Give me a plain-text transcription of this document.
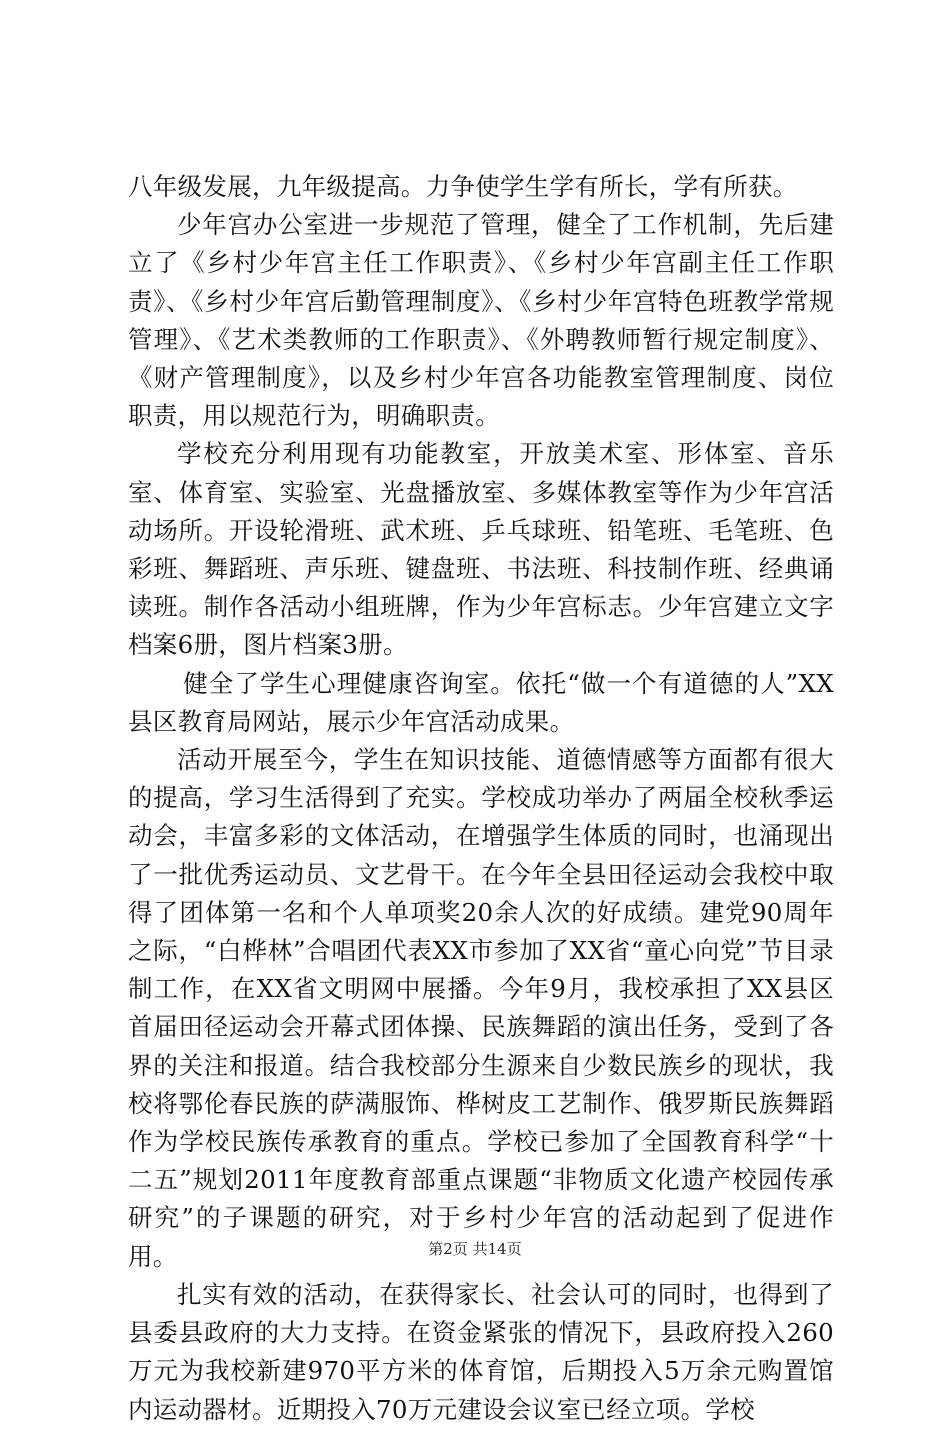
八年级发展，九年级提高。力争使学生学有所长，学有所获。

少年宫办公室进一步规范了管理，健全了工作机制，先后建立了《乡村少年宫主任工作职责》、《乡村少年宫副主任工作职责》、《乡村少年宫后勤管理制度》、《乡村少年宫特色班教学常规管理》、《艺术类教师的工作职责》、《外聘教师暂行规定制度》、《财产管理制度》，以及乡村少年宫各功能教室管理制度、岗位职责，用以规范行为，明确职责。

学校充分利用现有功能教室，开放美术室、形体室、音乐室、体育室、实验室、光盘播放室、多媒体教室等作为少年宫活动场所。开设轮滑班、武术班、乒乓球班、铅笔班、毛笔班、色彩班、舞蹈班、声乐班、键盘班、书法班、科技制作班、经典诵读班。制作各活动小组班牌，作为少年宫标志。少年宫建立文字档案6册，图片档案3册。

健全了学生心理健康咨询室。依托“做一个有道德的人”XX县区教育局网站，展示少年宫活动成果。

活动开展至今，学生在知识技能、道德情感等方面都有很大的提高，学习生活得到了充实。学校成功举办了两届全校秋季运动会，丰富多彩的文体活动，在增强学生体质的同时，也涌现出了一批优秀运动员、文艺骨干。在今年全县田径运动会我校中取得了团体第一名和个人单项奖20余人次的好成绩。建党90周年之际，“白桦林”合唱团代表XX市参加了XX省“童心向党”节目录制工作，在XX省文明网中展播。今年9月，我校承担了XX县区首届田径运动会开幕式团体操、民族舞蹈的演出任务，受到了各界的关注和报道。结合我校部分生源来自少数民族乡的现状，我校将鄂伦春民族的萨满服饰、桦树皮工艺制作、俄罗斯民族舞蹈作为学校民族传承教育的重点。学校已参加了全国教育科学“十二五”规划2011年度教育部重点课题“非物质文化遗产校园传承研究”的子课题的研究，对于乡村少年宫的活动起到了促进作用。

扎实有效的活动，在获得家长、社会认可的同时，也得到了县委县政府的大力支持。在资金紧张的情况下，县政府投入260万元为我校新建970平方米的体育馆，后期投入5万余元购置馆内运动器材。近期投入70万元建设会议室已经立项。学校

第2页 共14页
